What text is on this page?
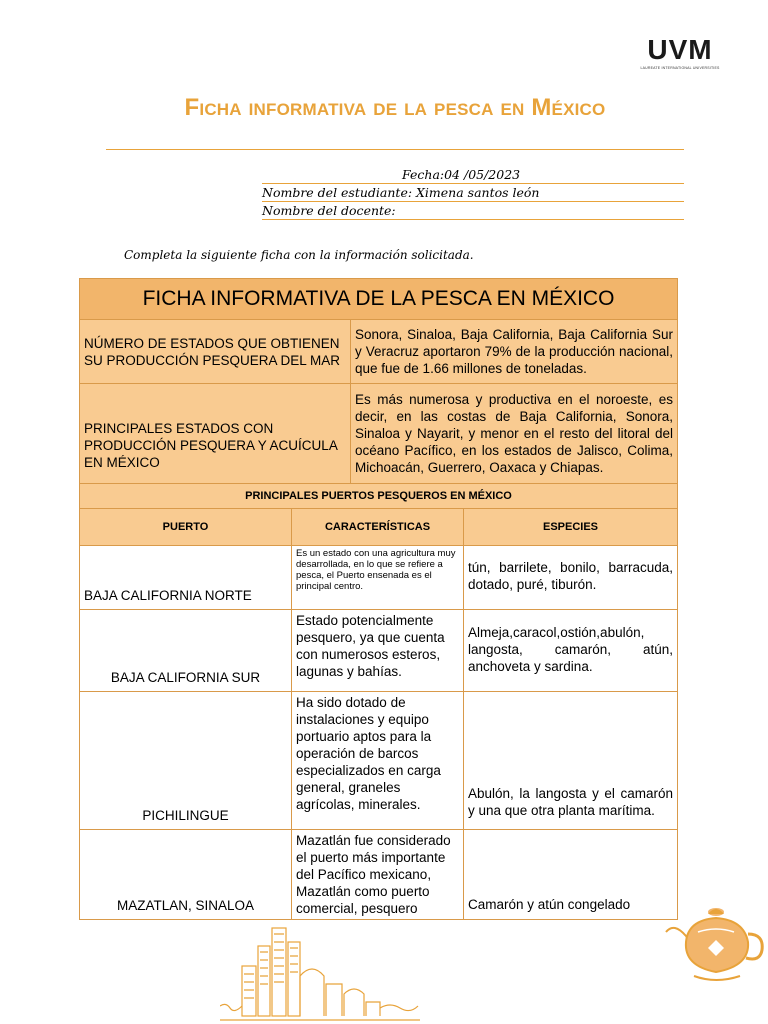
UVM
LAUREATE INTERNATIONAL UNIVERSITIES
Ficha informativa de la pesca en México
Fecha:04 /05/2023
Nombre del estudiante: Ximena santos león
Nombre del docente:
Completa la siguiente ficha con la información solicitada.
FICHA INFORMATIVA DE LA PESCA EN MÉXICO			
NÚMERO DE ESTADOS QUE OBTIENEN SU PRODUCCIÓN PESQUERA DEL MAR		Sonora, Sinaloa, Baja California, Baja California Sur y Veracruz aportaron 79% de la producción nacional, que fue de 1.66 millones de toneladas.	
PRINCIPALES ESTADOS CON PRODUCCIÓN PESQUERA Y ACUÍCULA EN MÉXICO		Es más numerosa y productiva en el noroeste, es decir, en las costas de Baja California, Sonora, Sinaloa y Nayarit, y menor en el resto del litoral del océano Pacífico, en los estados de Jalisco, Colima, Michoacán, Guerrero, Oaxaca y Chiapas.	
PRINCIPALES PUERTOS PESQUEROS EN MÉXICO			
PUERTO	CARACTERÍSTICAS		ESPECIES
BAJA CALIFORNIA NORTE	Es un estado con una agricultura muy desarrollada, en lo que se refiere a pesca, el Puerto ensenada es el principal centro.		tún, barrilete, bonilo, barracuda, dotado, puré, tiburón.
BAJA CALIFORNIA SUR	Estado potencialmente pesquero, ya que cuenta con numerosos esteros, lagunas y bahías.		Almeja,caracol,ostión,abulón, langosta, camarón, atún, anchoveta y sardina.
PICHILINGUE	Ha sido dotado de instalaciones y equipo portuario aptos para la operación de barcos especializados en carga general, graneles agrícolas, minerales.		Abulón, la langosta y el camarón y una que otra planta marítima.
MAZATLAN, SINALOA	Mazatlán fue considerado el puerto más importante del Pacífico mexicano, Mazatlán como puerto comercial, pesquero		Camarón y atún congelado
